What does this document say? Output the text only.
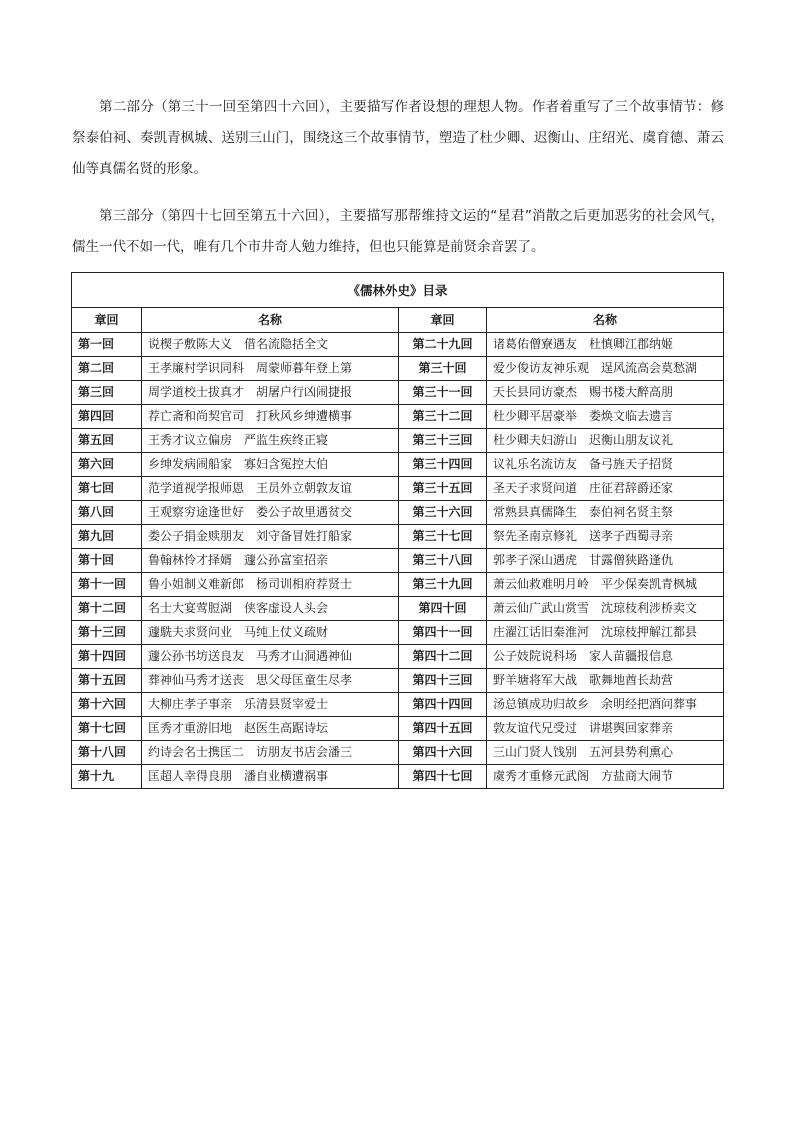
第二部分（第三十一回至第四十六回），主要描写作者设想的理想人物。作者着重写了三个故事情节：修祭泰伯祠、奏凯青枫城、送别三山门，围绕这三个故事情节，塑造了杜少卿、迟衡山、庄绍光、虞育德、萧云仙等真儒名贤的形象。

第三部分（第四十七回至第五十六回），主要描写那帮维持文运的“星君”消散之后更加恶劣的社会风气，儒生一代不如一代，唯有几个市井奇人勉力维持，但也只能算是前贤余音罢了。

《儒林外史》目录			
章回	名称	章回	名称
第一回	说楔子敷陈大义　借名流隐括全文	第二十九回	诸葛佑僧寮遇友　杜慎卿江郡纳姬
第二回	王孝廉村学识同科　周蒙师暮年登上第	第三十回	爱少俊访友神乐观　逞风流高会莫愁湖
第三回	周学道校士拔真才　胡屠户行凶闹捷报	第三十一回	天长县同访豪杰　赐书楼大醉高朋
第四回	荐亡斋和尚契官司　打秋风乡绅遭横事	第三十二回	杜少卿平居豪举　娄焕文临去遗言
第五回	王秀才议立偏房　严监生疾终正寝	第三十三回	杜少卿夫妇游山　迟衡山朋友议礼
第六回	乡绅发病闹船家　寡妇含冤控大伯	第三十四回	议礼乐名流访友　备弓旌天子招贤
第七回	范学道视学报师恩　王员外立朝敦友谊	第三十五回	圣天子求贤问道　庄征君辞爵还家
第八回	王观察穷途逢世好　娄公子故里遇贫交	第三十六回	常熟县真儒降生　泰伯祠名贤主祭
第九回	娄公子捐金赎朋友　刘守备冒姓打船家	第三十七回	祭先圣南京修礼　送孝子西蜀寻亲
第十回	鲁翰林怜才择婿　蘧公孙富室招亲	第三十八回	郭孝子深山遇虎　甘露僧狭路逢仇
第十一回	鲁小姐制义难新郎　杨司训相府荐贤士	第三十九回	萧云仙救难明月岭　平少保奏凯青枫城
第十二回	名士大宴莺脰湖　侠客虚设人头会	第四十回	萧云仙广武山赏雪　沈琼枝利涉桥卖文
第十三回	蘧駪夫求贤问业　马纯上仗义疏财	第四十一回	庄濯江话旧秦淮河　沈琼枝押解江都县
第十四回	蘧公孙书坊送良友　马秀才山洞遇神仙	第四十二回	公子妓院说科场　家人苗疆报信息
第十五回	葬神仙马秀才送丧　思父母匡童生尽孝	第四十三回	野羊塘将军大战　歌舞地酋长劫营
第十六回	大柳庄孝子事亲　乐清县贤宰爱士	第四十四回	汤总镇成功归故乡　余明经把酒问葬事
第十七回	匡秀才重游旧地　赵医生高踞诗坛	第四十五回	敦友谊代兄受过　讲堪舆回家葬亲
第十八回	约诗会名士携匡二　访朋友书店会潘三	第四十六回	三山门贤人饯别　五河县势利熏心
第十九	匡超人幸得良朋　潘自业横遭祸事	第四十七回	虞秀才重修元武阁　方盐商大闹节
